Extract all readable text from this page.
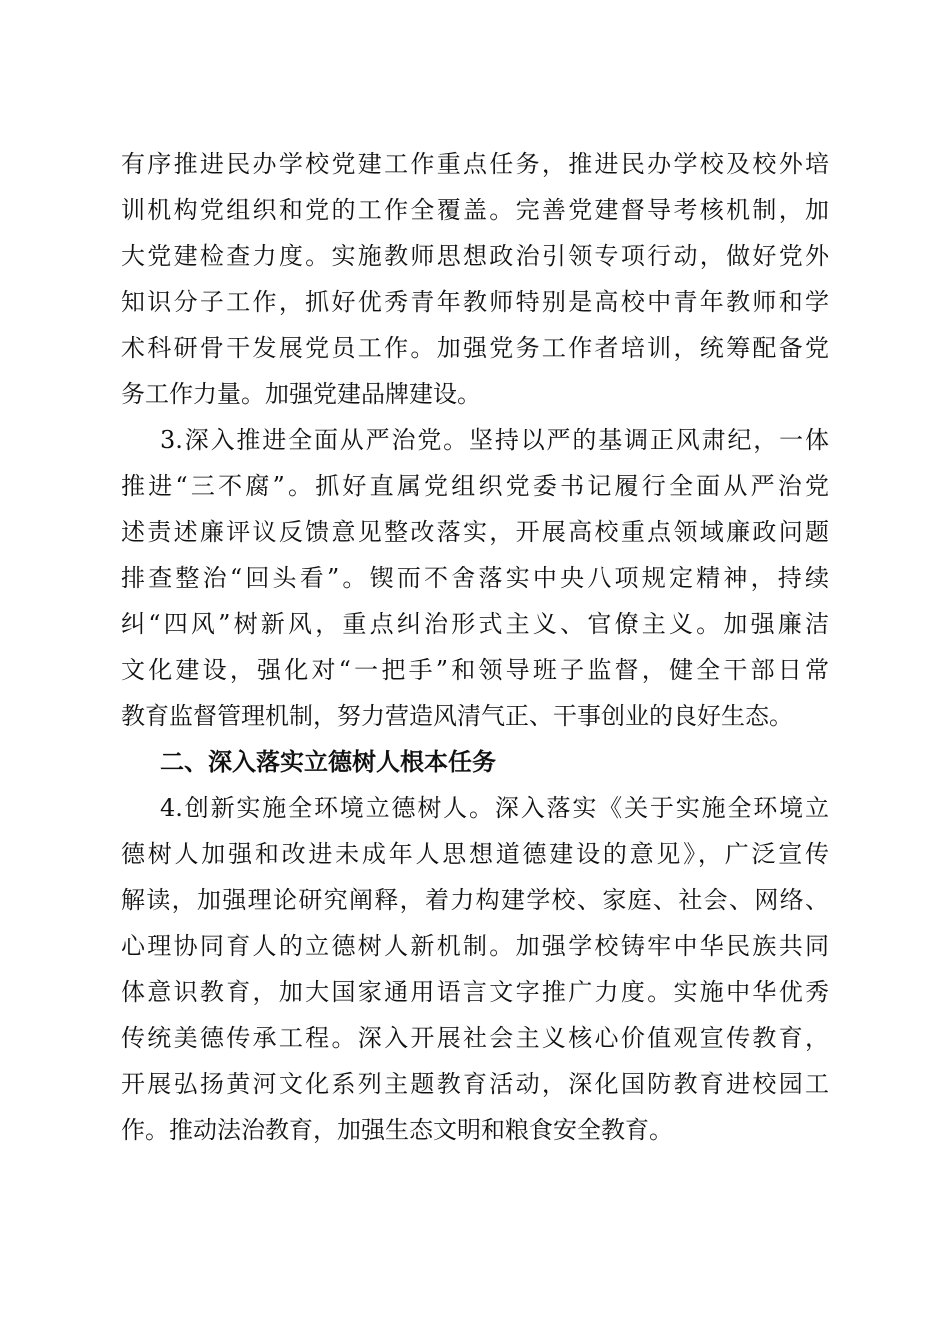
有序推进民办学校党建工作重点任务，推进民办学校及校外培
训机构党组织和党的工作全覆盖。完善党建督导考核机制，加
大党建检查力度。实施教师思想政治引领专项行动，做好党外
知识分子工作，抓好优秀青年教师特别是高校中青年教师和学
术科研骨干发展党员工作。加强党务工作者培训，统筹配备党
务工作力量。加强党建品牌建设。
3.深入推进全面从严治党。坚持以严的基调正风肃纪，一体
推进“三不腐”。抓好直属党组织党委书记履行全面从严治党
述责述廉评议反馈意见整改落实，开展高校重点领域廉政问题
排查整治“回头看”。锲而不舍落实中央八项规定精神，持续
纠“四风”树新风，重点纠治形式主义、官僚主义。加强廉洁
文化建设，强化对“一把手”和领导班子监督，健全干部日常
教育监督管理机制，努力营造风清气正、干事创业的良好生态。
二、深入落实立德树人根本任务
4.创新实施全环境立德树人。深入落实《关于实施全环境立
德树人加强和改进未成年人思想道德建设的意见》，广泛宣传
解读，加强理论研究阐释，着力构建学校、家庭、社会、网络、
心理协同育人的立德树人新机制。加强学校铸牢中华民族共同
体意识教育，加大国家通用语言文字推广力度。实施中华优秀
传统美德传承工程。深入开展社会主义核心价值观宣传教育，
开展弘扬黄河文化系列主题教育活动，深化国防教育进校园工
作。推动法治教育，加强生态文明和粮食安全教育。
